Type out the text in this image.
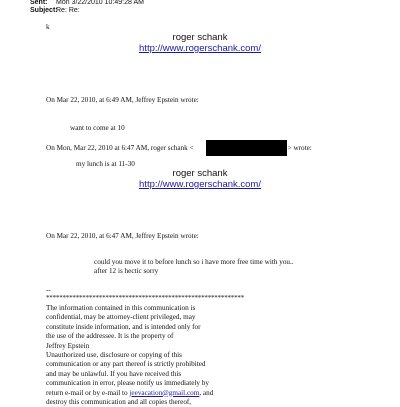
Sent: Mon 3/22/2010 10:49:28 AM
Subject:Re: Re:
k
roger schank
http://www.rogerschank.com/
On Mar 22, 2010, at 6:49 AM, Jeffrey Epstein wrote:
want to come at 10
On Mon, Mar 22, 2010 at 6:47 AM, roger schank <	> wrote:
my lunch is at 11-30
roger schank
http://www.rogerschank.com/
On Mar 22, 2010, at 6:47 AM, Jeffrey Epstein wrote:
could you move it to before lunch so i have more free time with you..
after 12 is hectic sorry
--
************************************************************
The information contained in this communication is
confidential, may be attorney-client privileged, may
constitute inside information, and is intended only for
the use of the addressee. It is the property of
Jeffrey Epstein
Unauthorized use, disclosure or copying of this
communication or any part thereof is strictly prohibited
and may be unlawful. If you have received this
communication in error, please notify us immediately by
return e-mail or by e-mail to jeevacation@gmail.com, and
destroy this communication and all copies thereof,
